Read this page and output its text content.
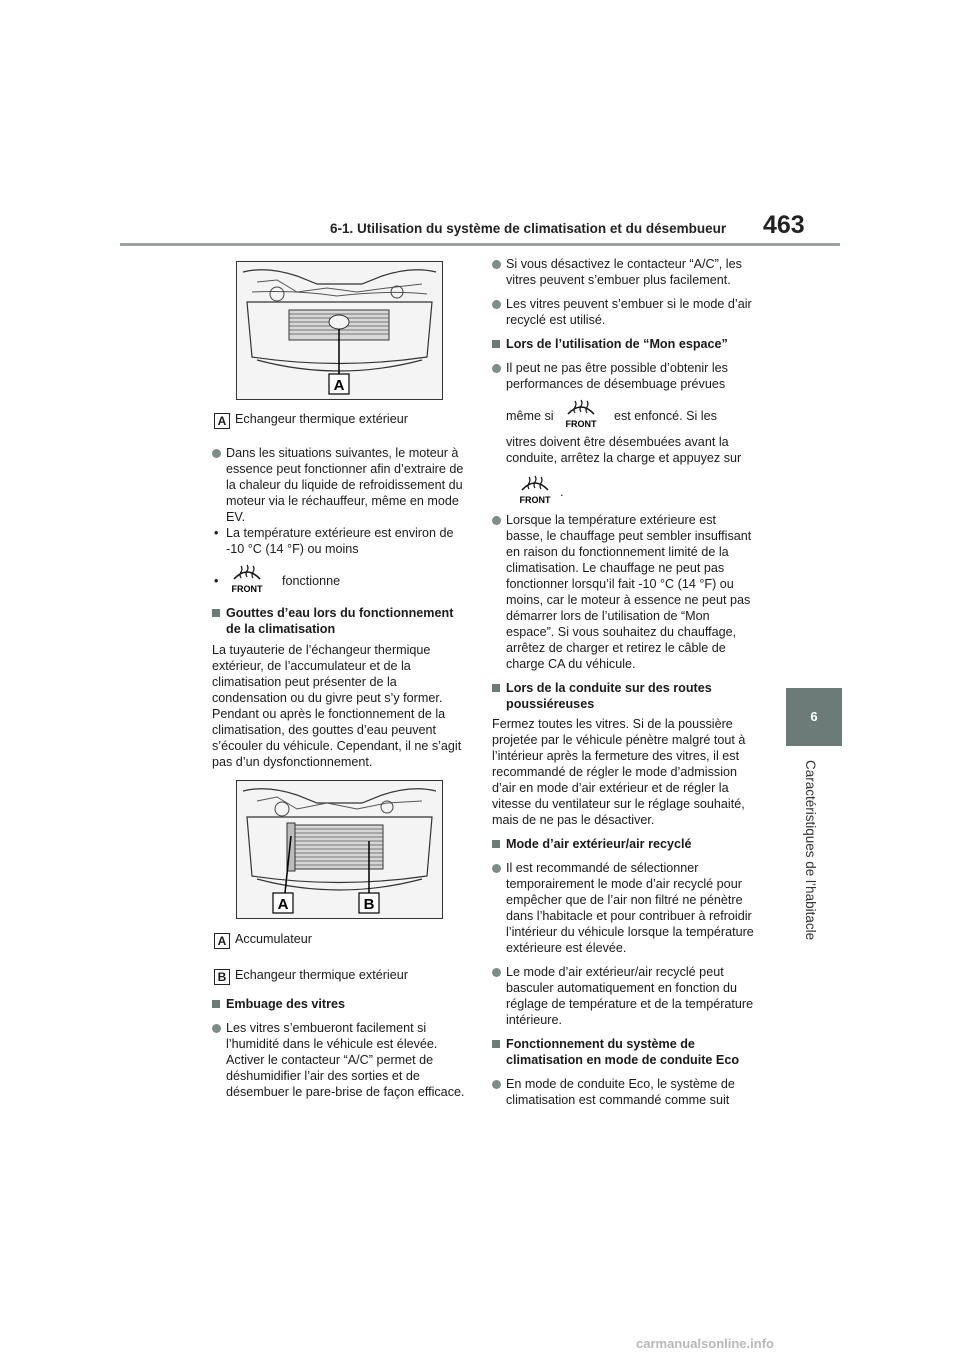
6-1. Utilisation du système de climatisation et du désembueur 463
6
Caractéristiques de l’habitacle
A
A Echangeur thermique extérieur

Dans les situations suivantes, le moteur à essence peut fonctionner afin d’extraire de la chaleur du liquide de refroidissement du moteur via le réchauffeur, même en mode EV.

• La température extérieure est environ de -10 °C (14 °F) ou moins

•
FRONT
fonctionne

Gouttes d’eau lors du fonctionnement de la climatisation

La tuyauterie de l’échangeur thermique extérieur, de l’accumulateur et de la climatisation peut présenter de la condensation ou du givre peut s’y former. Pendant ou après le fonctionnement de la climatisation, des gouttes d’eau peuvent s’écouler du véhicule. Cependant, il ne s’agit pas d’un dysfonctionnement.

A	B
A Accumulateur
B Echangeur thermique extérieur

Embuage des vitres

Les vitres s’embueront facilement si l’humidité dans le véhicule est élevée. Activer le contacteur “A/C” permet de déshumidifier l’air des sorties et de désembuer le pare-brise de façon efficace.

Si vous désactivez le contacteur “A/C”, les vitres peuvent s’embuer plus facilement.

Les vitres peuvent s’embuer si le mode d’air recyclé est utilisé.

Lors de l’utilisation de “Mon espace”

Il peut ne pas être possible d’obtenir les performances de désembuage prévues

même si
FRONT
est enfoncé. Si les

vitres doivent être désembuées avant la conduite, arrêtez la charge et appuyez sur

FRONT
.

Lorsque la température extérieure est basse, le chauffage peut sembler insuffisant en raison du fonctionnement limité de la climatisation. Le chauffage ne peut pas fonctionner lorsqu’il fait -10 °C (14 °F) ou moins, car le moteur à essence ne peut pas démarrer lors de l’utilisation de “Mon espace”. Si vous souhaitez du chauffage, arrêtez de charger et retirez le câble de charge CA du véhicule.

Lors de la conduite sur des routes poussiéreuses

Fermez toutes les vitres. Si de la poussière projetée par le véhicule pénètre malgré tout à l’intérieur après la fermeture des vitres, il est recommandé de régler le mode d’admission d’air en mode d’air extérieur et de régler la vitesse du ventilateur sur le réglage souhaité, mais de ne pas le désactiver.

Mode d’air extérieur/air recyclé

Il est recommandé de sélectionner temporairement le mode d’air recyclé pour empêcher que de l’air non filtré ne pénètre dans l’habitacle et pour contribuer à refroidir l’intérieur du véhicule lorsque la température extérieure est élevée.

Le mode d’air extérieur/air recyclé peut basculer automatiquement en fonction du réglage de température et de la température intérieure.

Fonctionnement du système de climatisation en mode de conduite Eco

En mode de conduite Eco, le système de climatisation est commandé comme suit

carmanualsonline.info
